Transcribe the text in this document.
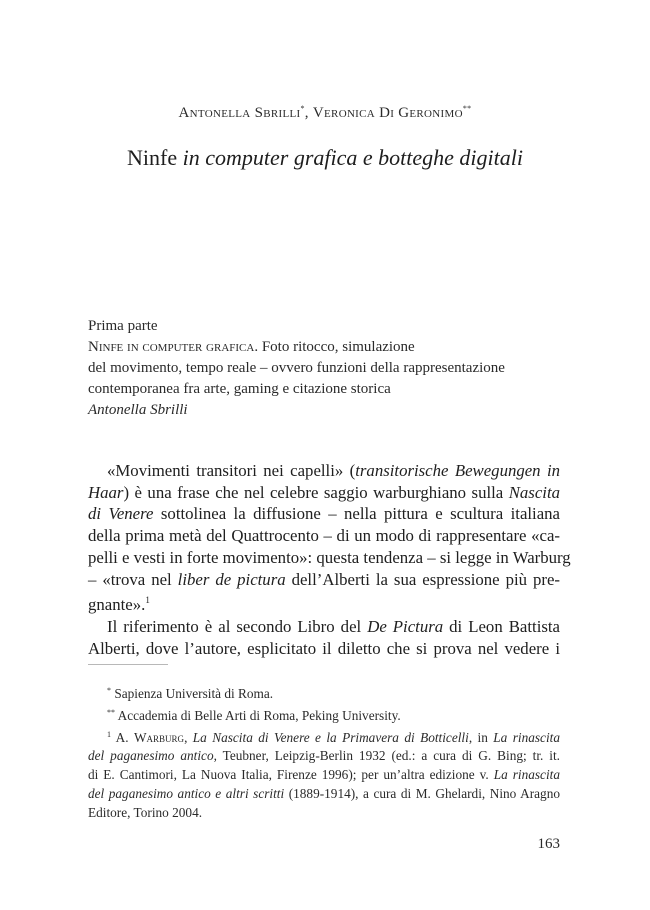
Antonella Sbrilli*, Veronica Di Geronimo**
Ninfe in computer grafica e botteghe digitali
Prima parte
Ninfe in computer grafica. Foto ritocco, simulazione
del movimento, tempo reale – ovvero funzioni della rappresentazione
contemporanea fra arte, gaming e citazione storica
Antonella Sbrilli
«Movimenti transitori nei capelli» (transitorische Bewegungen in
Haar) è una frase che nel celebre saggio warburghiano sulla Nascita
di Venere sottolinea la diffusione – nella pittura e scultura italiana
della prima metà del Quattrocento – di un modo di rappresentare «ca-
pelli e vesti in forte movimento»: questa tendenza – si legge in Warburg
– «trova nel liber de pictura dell’Alberti la sua espressione più pre-
gnante».$^1$
Il riferimento è al secondo Libro del De Pictura di Leon Battista
Alberti, dove l’autore, esplicitato il diletto che si prova nel vedere i
* Sapienza Università di Roma.
** Accademia di Belle Arti di Roma, Peking University.
$^1$ A. Warburg, La Nascita di Venere e la Primavera di Botticelli, in La rinascita
del paganesimo antico, Teubner, Leipzig-Berlin 1932 (ed.: a cura di G. Bing; tr. it.
di E. Cantimori, La Nuova Italia, Firenze 1996); per un’altra edizione v. La rinascita
del paganesimo antico e altri scritti (1889-1914), a cura di M. Ghelardi, Nino Aragno
Editore, Torino 2004.
163
